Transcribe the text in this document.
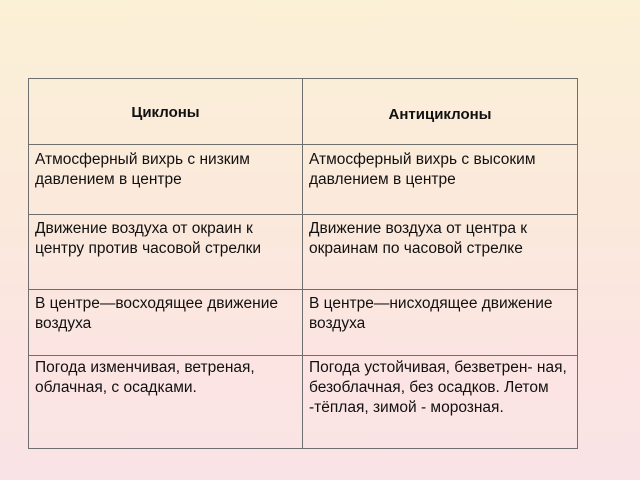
Циклоны	Антициклоны

Атмосферный вихрь с низким давлением в центре	Атмосферный вихрь с высоким давлением в центре

Движение воздуха от окраин к центру против часовой стрелки	Движение воздуха от центра к окраинам по часовой стрелке

В центре—восходящее движение воздуха	В центре—нисходящее движение воздуха

Погода изменчивая, ветреная, облачная, с осадками.	Погода устойчивая, безветрен- ная, безоблачная, без осадков. Летом -тёплая, зимой - морозная.
